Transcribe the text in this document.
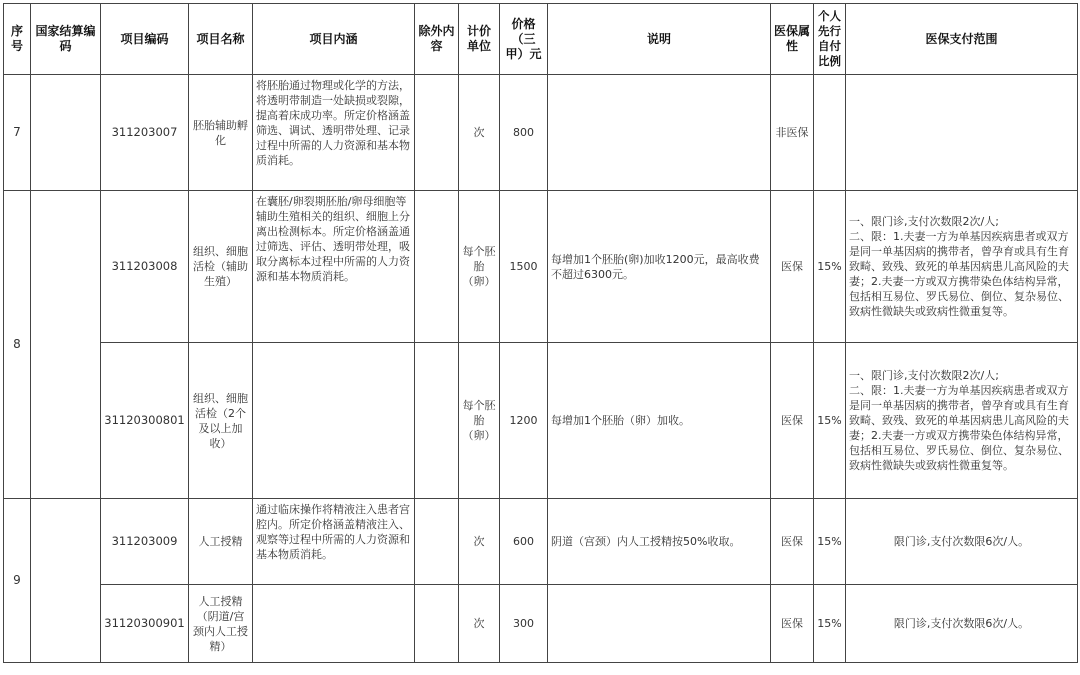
序号	国家结算编码	项目编码	项目名称	项目内涵	除外内容	计价单位	价格（三甲）元	说明	医保属性	个人先行自付比例	医保支付范围
7		311203007	胚胎辅助孵化	将胚胎通过物理或化学的方法，将透明带制造一处缺损或裂隙，提高着床成功率。所定价格涵盖筛选、调试、透明带处理、记录过程中所需的人力资源和基本物质消耗。		次	800		非医保		
8		311203008	组织、细胞活检（辅助生殖）	在囊胚/卵裂期胚胎/卵母细胞等辅助生殖相关的组织、细胞上分离出检测标本。所定价格涵盖通过筛选、评估、透明带处理，吸取分离标本过程中所需的人力资源和基本物质消耗。		每个胚胎（卵）	1500	每增加1个胚胎(卵)加收1200元，最高收费不超过6300元。	医保	15%	一、限门诊,支付次数限2次/人;
二、限：1.夫妻一方为单基因疾病患者或双方是同一单基因病的携带者，曾孕育或具有生育致畸、致残、致死的单基因病患儿高风险的夫妻；2.夫妻一方或双方携带染色体结构异常，包括相互易位、罗氏易位、倒位、复杂易位、致病性微缺失或致病性微重复等。
		31120300801	组织、细胞活检（2个及以上加收）			每个胚胎（卵）	1200	每增加1个胚胎（卵）加收。	医保	15%	一、限门诊,支付次数限2次/人;
二、限：1.夫妻一方为单基因疾病患者或双方是同一单基因病的携带者，曾孕育或具有生育致畸、致残、致死的单基因病患儿高风险的夫妻；2.夫妻一方或双方携带染色体结构异常，包括相互易位、罗氏易位、倒位、复杂易位、致病性微缺失或致病性微重复等。
9		311203009	人工授精	通过临床操作将精液注入患者宫腔内。所定价格涵盖精液注入、观察等过程中所需的人力资源和基本物质消耗。		次	600	阴道（宫颈）内人工授精按50%收取。	医保	15%	限门诊,支付次数限6次/人。
		31120300901	人工授精（阴道/宫颈内人工授精）			次	300		医保	15%	限门诊,支付次数限6次/人。
